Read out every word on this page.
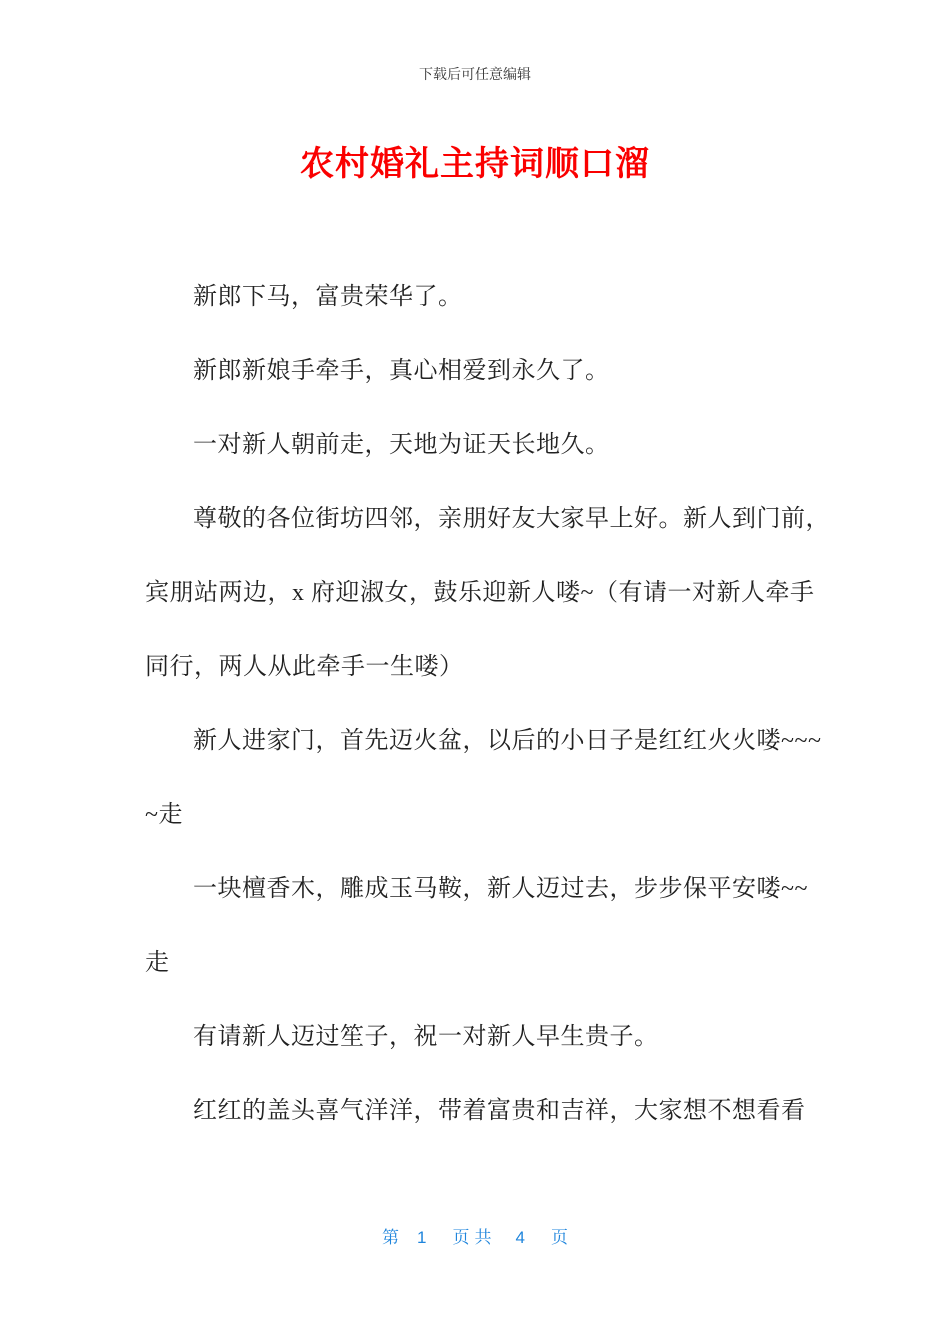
下载后可任意编辑
农村婚礼主持词顺口溜
新郎下马，富贵荣华了。
新郎新娘手牵手，真心相爱到永久了。
一对新人朝前走，天地为证天长地久。
尊敬的各位街坊四邻，亲朋好友大家早上好。新人到门前，
宾朋站两边，x 府迎淑女，鼓乐迎新人喽~（有请一对新人牵手
同行，两人从此牵手一生喽）
新人进家门，首先迈火盆，以后的小日子是红红火火喽~~~
~走
一块檀香木，雕成玉马鞍，新人迈过去，步步保平安喽~~
走
有请新人迈过笙子，祝一对新人早生贵子。
红红的盖头喜气洋洋，带着富贵和吉祥，大家想不想看看
第 1 页 共 4 页
